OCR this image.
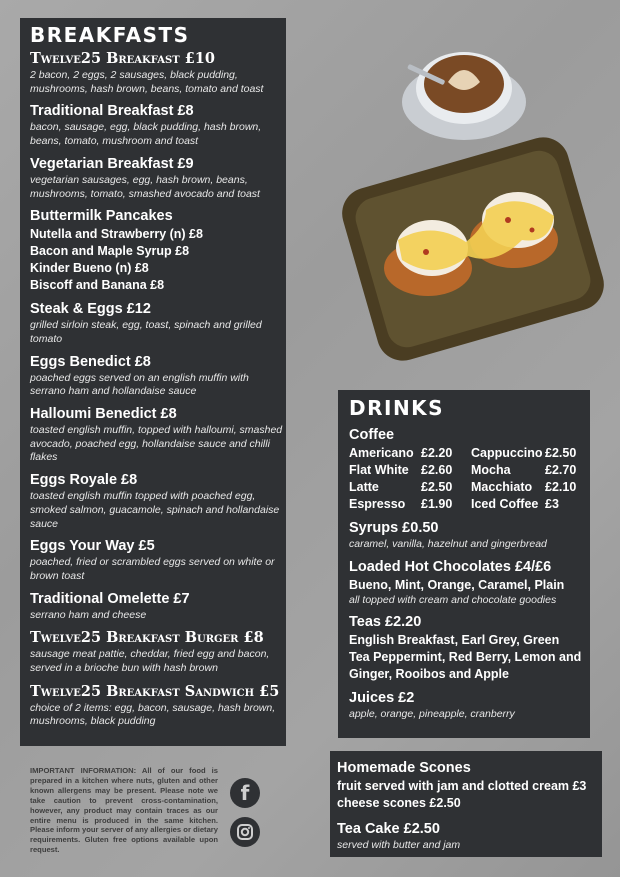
BREAKFASTS
Twelve25 Breakfast £10
2 bacon, 2 eggs, 2 sausages, black pudding, mushrooms, hash brown, beans, tomato and toast
Traditional Breakfast £8
bacon, sausage, egg, black pudding, hash brown, beans, tomato, mushroom and toast
Vegetarian Breakfast £9
vegetarian sausages, egg, hash brown, beans, mushrooms, tomato, smashed avocado and toast
Buttermilk Pancakes
Nutella and Strawberry (n) £8
Bacon and Maple Syrup £8
Kinder Bueno (n) £8
Biscoff and Banana £8
Steak & Eggs £12
grilled sirloin steak, egg, toast, spinach and grilled tomato
Eggs Benedict £8
poached eggs served on an english muffin with serrano ham and hollandaise sauce
Halloumi Benedict £8
toasted english muffin, topped with halloumi, smashed avocado, poached egg, hollandaise sauce and chilli flakes
Eggs Royale £8
toasted english muffin topped with poached egg, smoked salmon, guacamole, spinach and hollandaise sauce
Eggs Your Way £5
poached, fried or scrambled eggs served on white or brown toast
Traditional Omelette £7
serrano ham and cheese
Twelve25 Breakfast Burger £8
sausage meat pattie, cheddar, fried egg and bacon, served in a brioche bun with hash brown
Twelve25 Breakfast Sandwich £5
choice of 2 items: egg, bacon, sausage, hash brown, mushrooms, black pudding
DRINKS
Coffee
Americano £2.20	Cappuccino £2.50
Flat White £2.60	Mocha	£2.70
Latte	£2.50	Macchiato	£2.10
Espresso	£1.90	Iced Coffee £3
Syrups £0.50
caramel, vanilla, hazelnut and gingerbread
Loaded Hot Chocolates £4/£6
Bueno, Mint, Orange, Caramel, Plain
all topped with cream and chocolate goodies
Teas £2.20
English Breakfast, Earl Grey, Green
Tea Peppermint, Red Berry, Lemon and
Ginger, Rooibos and Apple
Juices £2
apple, orange, pineapple, cranberry
Homemade Scones
fruit served with jam and clotted cream £3
cheese scones £2.50
Tea Cake £2.50
served with butter and jam
IMPORTANT INFORMATION: All of our food is prepared in a kitchen where nuts, gluten and other known allergens may be present. Please note we take caution to prevent cross-contamination, however, any product may contain traces as our entire menu is produced in the same kitchen. Please inform your server of any allergies or dietary requirements. Gluten free options available upon request.
f
